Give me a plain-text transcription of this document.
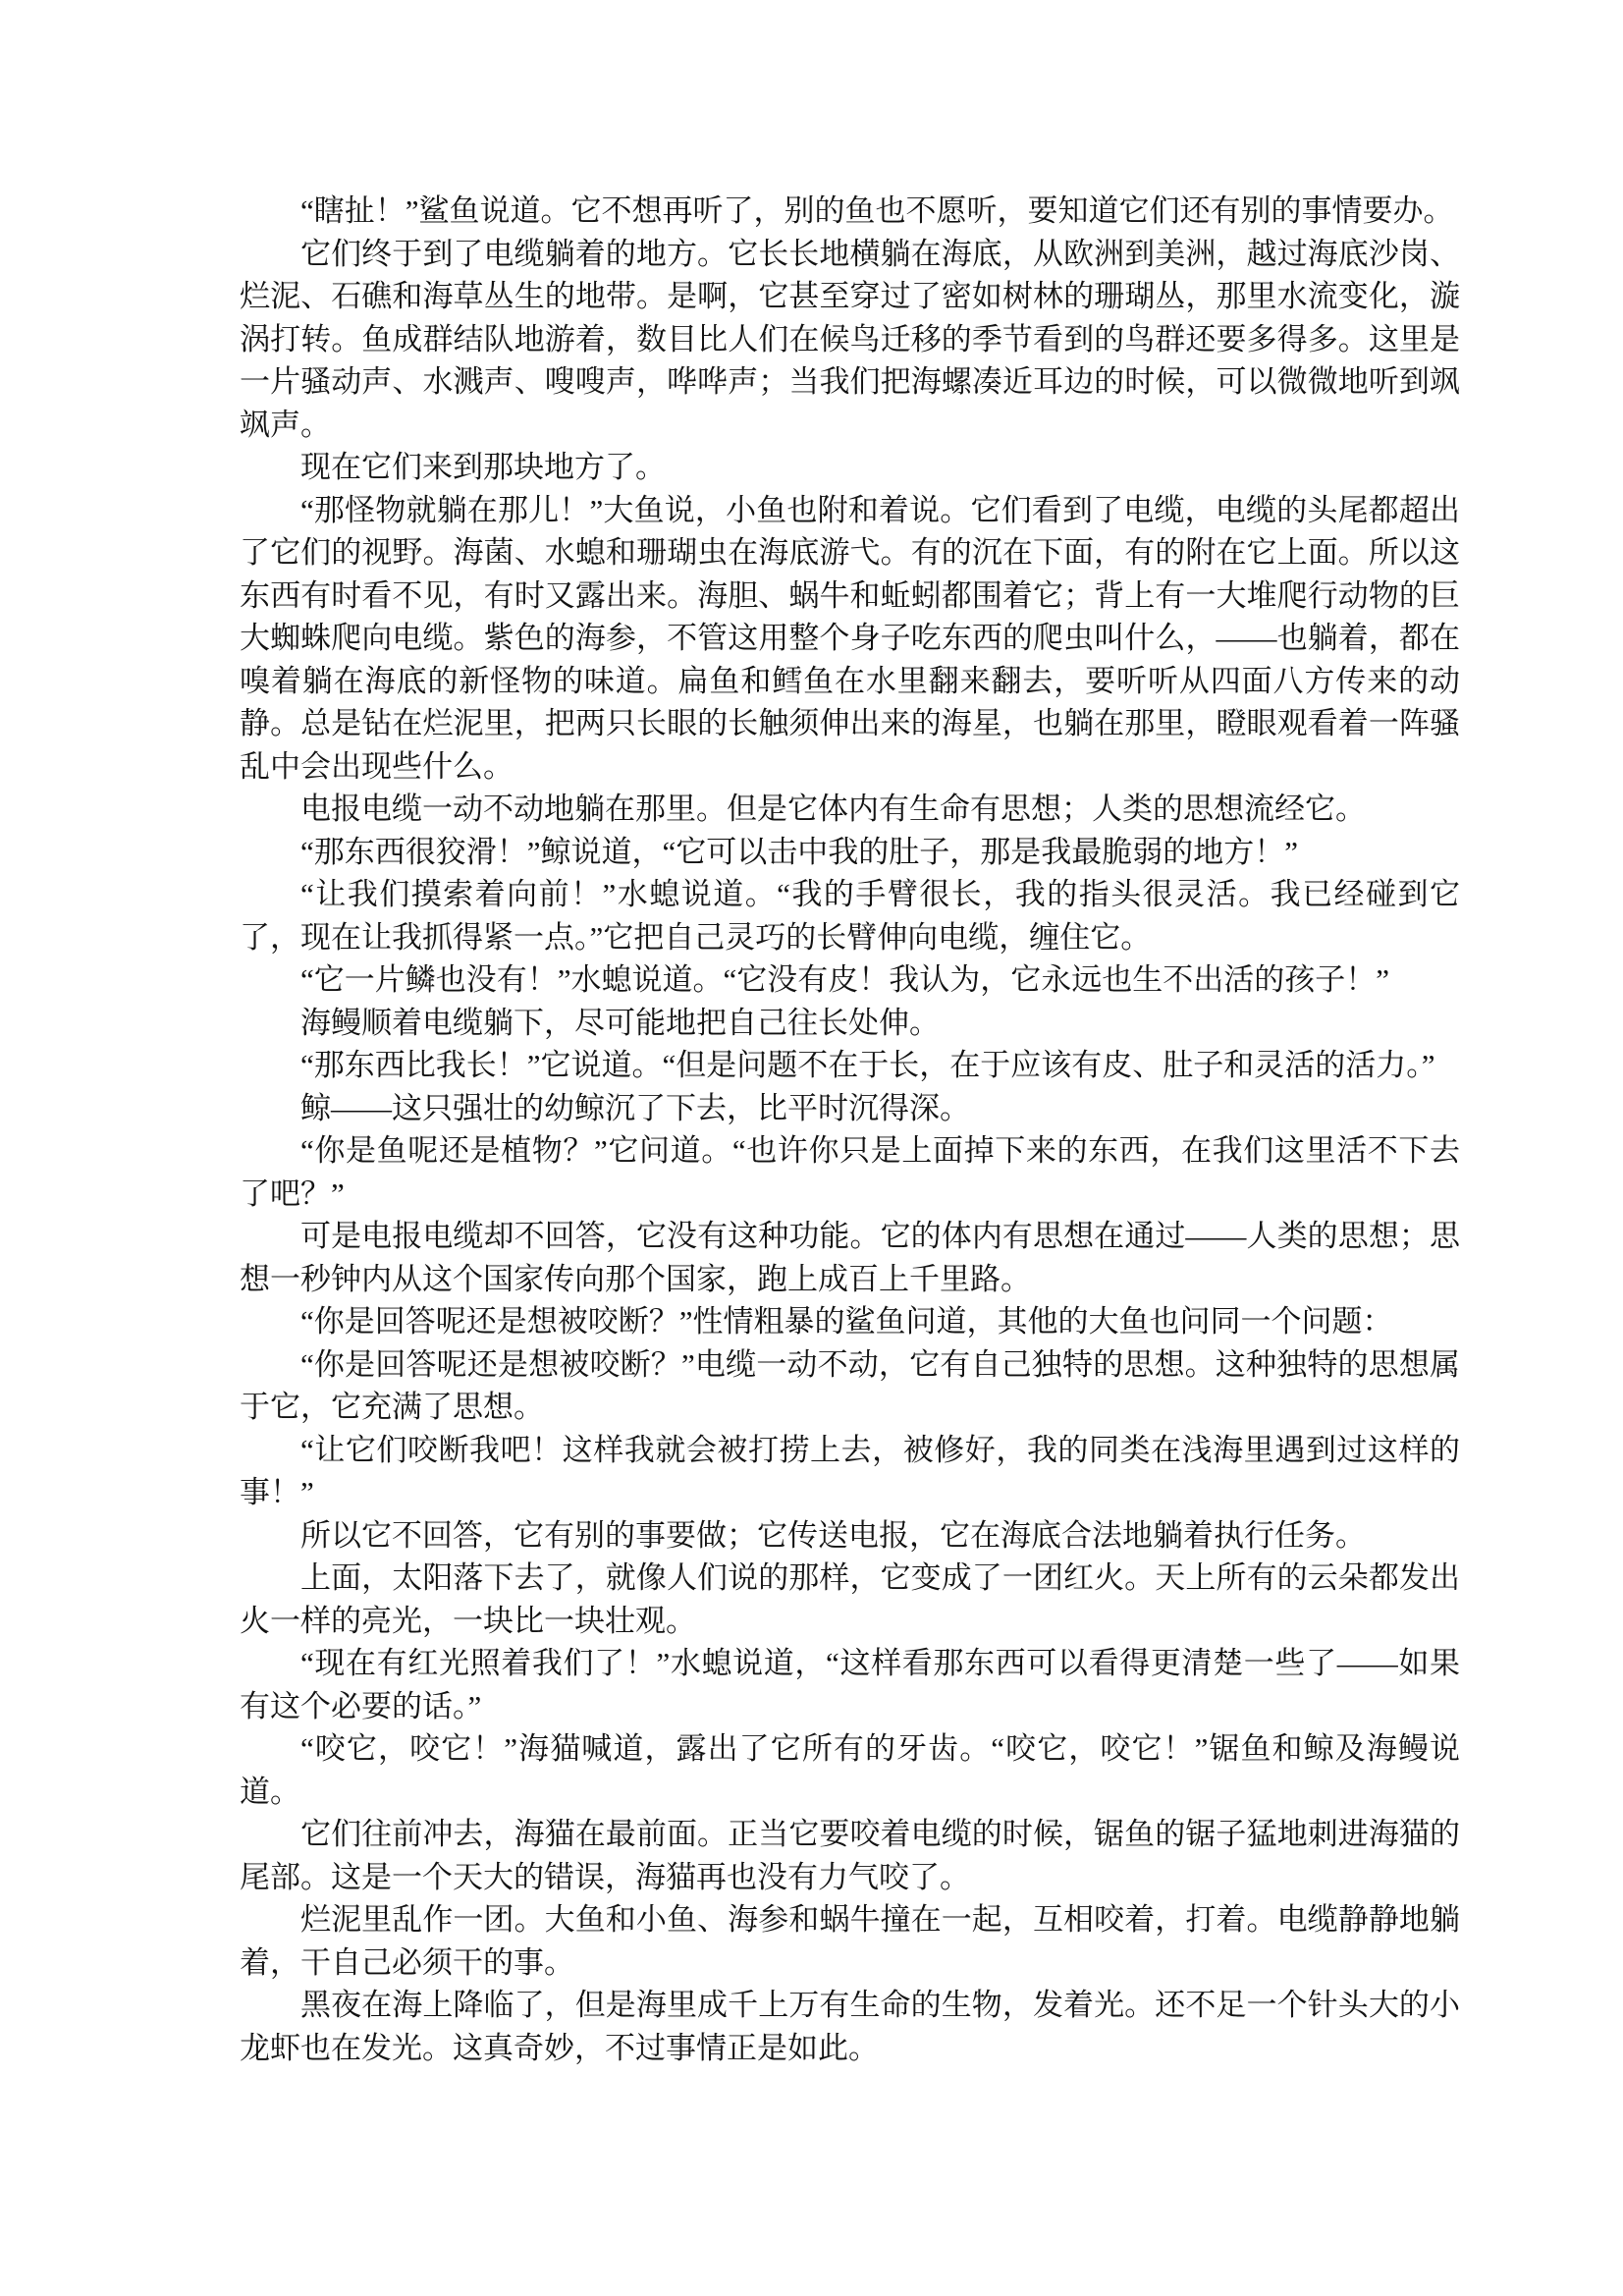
“瞎扯！”鲨鱼说道。它不想再听了，别的鱼也不愿听，要知道它们还有别的事情要办。

它们终于到了电缆躺着的地方。它长长地横躺在海底，从欧洲到美洲，越过海底沙岗、烂泥、石礁和海草丛生的地带。是啊，它甚至穿过了密如树林的珊瑚丛，那里水流变化，漩涡打转。鱼成群结队地游着，数目比人们在候鸟迁移的季节看到的鸟群还要多得多。这里是一片骚动声、水溅声、嗖嗖声，哗哗声；当我们把海螺凑近耳边的时候，可以微微地听到飒飒声。

现在它们来到那块地方了。

“那怪物就躺在那儿！”大鱼说，小鱼也附和着说。它们看到了电缆，电缆的头尾都超出了它们的视野。海菌、水螅和珊瑚虫在海底游弋。有的沉在下面，有的附在它上面。所以这东西有时看不见，有时又露出来。海胆、蜗牛和蚯蚓都围着它；背上有一大堆爬行动物的巨大蜘蛛爬向电缆。紫色的海参，不管这用整个身子吃东西的爬虫叫什么，——也躺着，都在嗅着躺在海底的新怪物的味道。扁鱼和鳕鱼在水里翻来翻去，要听听从四面八方传来的动静。总是钻在烂泥里，把两只长眼的长触须伸出来的海星，也躺在那里，瞪眼观看着一阵骚乱中会出现些什么。

电报电缆一动不动地躺在那里。但是它体内有生命有思想；人类的思想流经它。

“那东西很狡滑！”鲸说道，“它可以击中我的肚子，那是我最脆弱的地方！”

“让我们摸索着向前！”水螅说道。“我的手臂很长，我的指头很灵活。我已经碰到它了，现在让我抓得紧一点。”它把自己灵巧的长臂伸向电缆，缠住它。

“它一片鳞也没有！”水螅说道。“它没有皮！我认为，它永远也生不出活的孩子！”

海鳗顺着电缆躺下，尽可能地把自己往长处伸。

“那东西比我长！”它说道。“但是问题不在于长，在于应该有皮、肚子和灵活的活力。”

鲸——这只强壮的幼鲸沉了下去，比平时沉得深。

“你是鱼呢还是植物？”它问道。“也许你只是上面掉下来的东西，在我们这里活不下去了吧？”

可是电报电缆却不回答，它没有这种功能。它的体内有思想在通过——人类的思想；思想一秒钟内从这个国家传向那个国家，跑上成百上千里路。

“你是回答呢还是想被咬断？”性情粗暴的鲨鱼问道，其他的大鱼也问同一个问题：

“你是回答呢还是想被咬断？”电缆一动不动，它有自己独特的思想。这种独特的思想属于它，它充满了思想。

“让它们咬断我吧！这样我就会被打捞上去，被修好，我的同类在浅海里遇到过这样的事！”

所以它不回答，它有别的事要做；它传送电报，它在海底合法地躺着执行任务。

上面，太阳落下去了，就像人们说的那样，它变成了一团红火。天上所有的云朵都发出火一样的亮光，一块比一块壮观。

“现在有红光照着我们了！”水螅说道，“这样看那东西可以看得更清楚一些了——如果有这个必要的话。”

“咬它，咬它！”海猫喊道，露出了它所有的牙齿。“咬它，咬它！”锯鱼和鲸及海鳗说道。

它们往前冲去，海猫在最前面。正当它要咬着电缆的时候，锯鱼的锯子猛地刺进海猫的尾部。这是一个天大的错误，海猫再也没有力气咬了。

烂泥里乱作一团。大鱼和小鱼、海参和蜗牛撞在一起，互相咬着，打着。电缆静静地躺着，干自己必须干的事。

黑夜在海上降临了，但是海里成千上万有生命的生物，发着光。还不足一个针头大的小龙虾也在发光。这真奇妙，不过事情正是如此。
